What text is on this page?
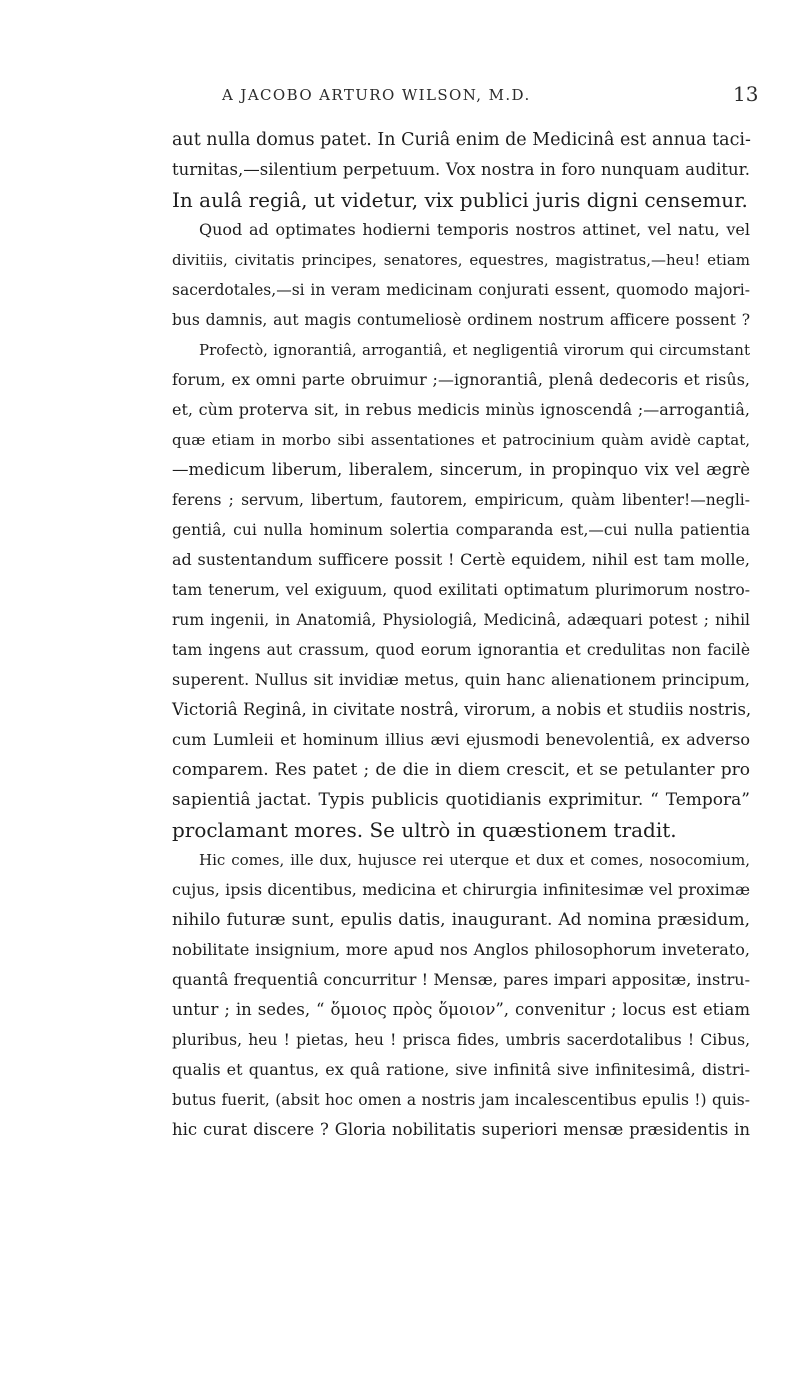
A JACOBO ARTURO WILSON, M.D.	13
aut nulla domus patet. In Curiâ enim de Medicinâ est annua taci-
turnitas,—silentium perpetuum. Vox nostra in foro nunquam auditur.
In aulâ regiâ, ut videtur, vix publici juris digni censemur.
Quod ad optimates hodierni temporis nostros attinet, vel natu, vel
divitiis, civitatis principes, senatores, equestres, magistratus,—heu! etiam
sacerdotales,—si in veram medicinam conjurati essent, quomodo majori-
bus damnis, aut magis contumeliosè ordinem nostrum afficere possent ?
Profectò, ignorantiâ, arrogantiâ, et negligentiâ virorum qui circumstant
forum, ex omni parte obruimur ;—ignorantiâ, plenâ dedecoris et risûs,
et, cùm proterva sit, in rebus medicis minùs ignoscendâ ;—arrogantiâ,
quæ etiam in morbo sibi assentationes et patrocinium quàm avidè captat,
—medicum liberum, liberalem, sincerum, in propinquo vix vel ægrè
ferens ; servum, libertum, fautorem, empiricum, quàm libenter!—negli-
gentiâ, cui nulla hominum solertia comparanda est,—cui nulla patientia
ad sustentandum sufficere possit ! Certè equidem, nihil est tam molle,
tam tenerum, vel exiguum, quod exilitati optimatum plurimorum nostro-
rum ingenii, in Anatomiâ, Physiologiâ, Medicinâ, adæquari potest ; nihil
tam ingens aut crassum, quod eorum ignorantia et credulitas non facilè
superent. Nullus sit invidiæ metus, quin hanc alienationem principum,
Victoriâ Reginâ, in civitate nostrâ, virorum, a nobis et studiis nostris,
cum Lumleii et hominum illius ævi ejusmodi benevolentiâ, ex adverso
comparem. Res patet ; de die in diem crescit, et se petulanter pro
sapientiâ jactat. Typis publicis quotidianis exprimitur. “ Tempora”
proclamant mores. Se ultrò in quæstionem tradit.
Hic comes, ille dux, hujusce rei uterque et dux et comes, nosocomium,
cujus, ipsis dicentibus, medicina et chirurgia infinitesimæ vel proximæ
nihilo futuræ sunt, epulis datis, inaugurant. Ad nomina præsidum,
nobilitate insignium, more apud nos Anglos philosophorum inveterato,
quantâ frequentiâ concurritur ! Mensæ, pares impari appositæ, instru-
untur ; in sedes, “ ὅμοιος πρὸς ὅμοιον”, convenitur ; locus est etiam
pluribus, heu ! pietas, heu ! prisca fides, umbris sacerdotalibus ! Cibus,
qualis et quantus, ex quâ ratione, sive infinitâ sive infinitesimâ, distri-
butus fuerit, (absit hoc omen a nostris jam incalescentibus epulis !) quis-
hic curat discere ? Gloria nobilitatis superiori mensæ præsidentis in
